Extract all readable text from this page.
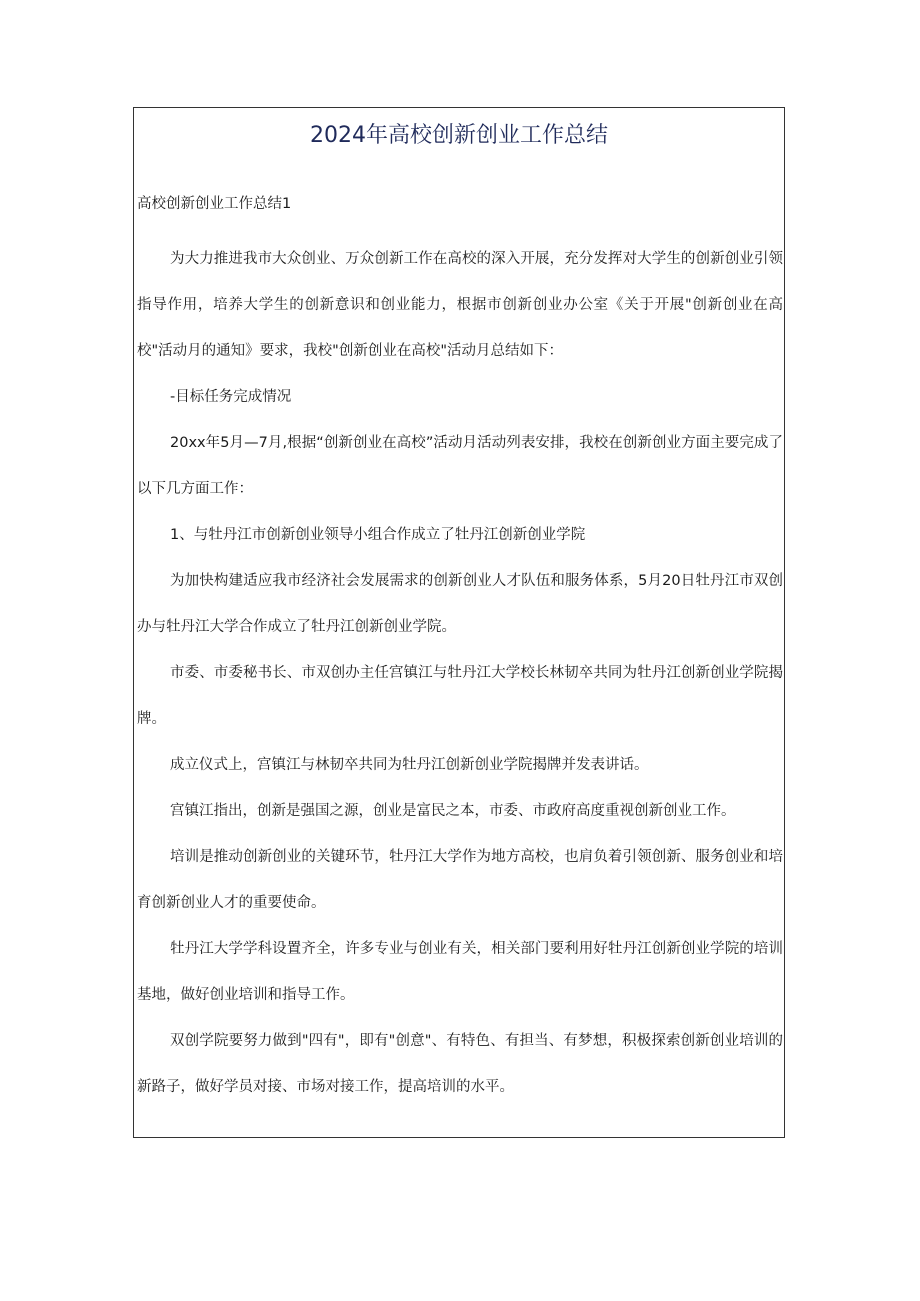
2024年高校创新创业工作总结
高校创新创业工作总结1

为大力推进我市大众创业、万众创新工作在高校的深入开展，充分发挥对大学生的创新创业引领指导作用，培养大学生的创新意识和创业能力，根据市创新创业办公室《关于开展"创新创业在高校"活动月的通知》要求，我校"创新创业在高校"活动月总结如下：

-目标任务完成情况

20xx年5月—7月,根据“创新创业在高校”活动月活动列表安排，我校在创新创业方面主要完成了以下几方面工作：

1、与牡丹江市创新创业领导小组合作成立了牡丹江创新创业学院

为加快构建适应我市经济社会发展需求的创新创业人才队伍和服务体系，5月20日牡丹江市双创办与牡丹江大学合作成立了牡丹江创新创业学院。

市委、市委秘书长、市双创办主任宫镇江与牡丹江大学校长林韧卒共同为牡丹江创新创业学院揭牌。

成立仪式上，宫镇江与林韧卒共同为牡丹江创新创业学院揭牌并发表讲话。

宫镇江指出，创新是强国之源，创业是富民之本，市委、市政府高度重视创新创业工作。

培训是推动创新创业的关键环节，牡丹江大学作为地方高校，也肩负着引领创新、服务创业和培育创新创业人才的重要使命。

牡丹江大学学科设置齐全，许多专业与创业有关，相关部门要利用好牡丹江创新创业学院的培训基地，做好创业培训和指导工作。

双创学院要努力做到"四有"，即有"创意"、有特色、有担当、有梦想，积极探索创新创业培训的新路子，做好学员对接、市场对接工作，提高培训的水平。
